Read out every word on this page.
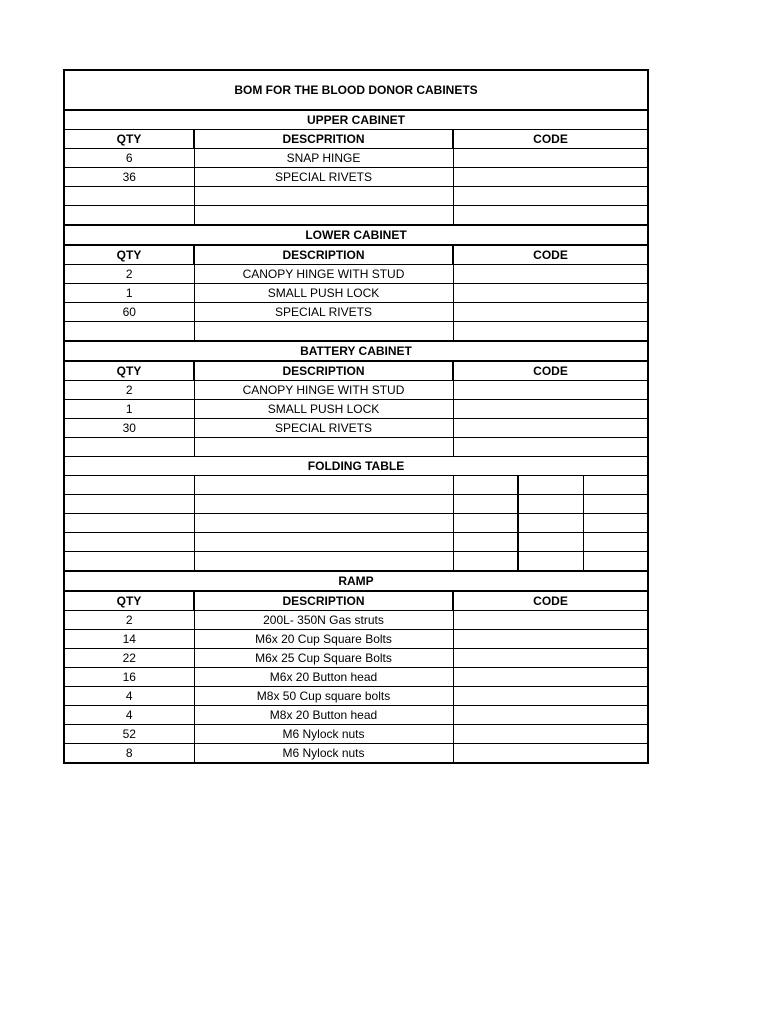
BOM FOR THE BLOOD DONOR CABINETS				
UPPER CABINET				
QTY	DESCPRITION	CODE		
6	SNAP HINGE			
36	SPECIAL RIVETS			

LOWER CABINET				
QTY	DESCRIPTION	CODE		
2	CANOPY HINGE WITH STUD			
1	SMALL PUSH LOCK			
60	SPECIAL RIVETS			

BATTERY CABINET				
QTY	DESCRIPTION	CODE		
2	CANOPY HINGE WITH STUD			
1	SMALL PUSH LOCK			
30	SPECIAL RIVETS			

FOLDING TABLE				

RAMP				
QTY	DESCRIPTION	CODE		
2	200L- 350N Gas struts			
14	M6x 20 Cup Square Bolts			
22	M6x 25 Cup Square Bolts			
16	M6x 20 Button head			
4	M8x 50 Cup square bolts			
4	M8x 20 Button head			
52	M6 Nylock nuts			
8	M6 Nylock nuts			
